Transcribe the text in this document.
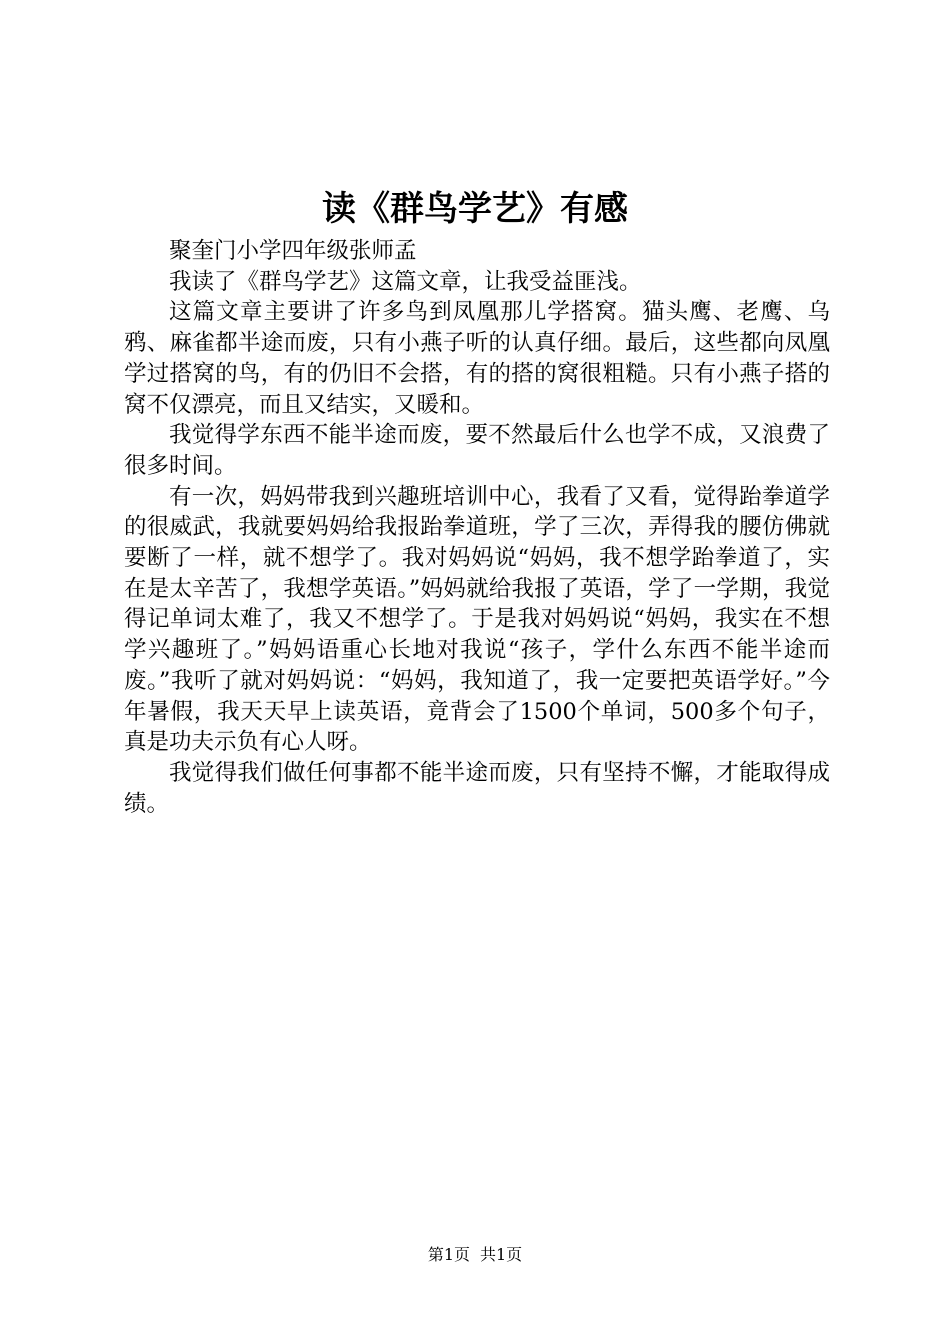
读《群鸟学艺》有感

聚奎门小学四年级张师孟

我读了《群鸟学艺》这篇文章，让我受益匪浅。

这篇文章主要讲了许多鸟到凤凰那儿学搭窝。猫头鹰、老鹰、乌鸦、麻雀都半途而废，只有小燕子听的认真仔细。最后，这些都向凤凰学过搭窝的鸟，有的仍旧不会搭，有的搭的窝很粗糙。只有小燕子搭的窝不仅漂亮，而且又结实，又暖和。

我觉得学东西不能半途而废，要不然最后什么也学不成，又浪费了很多时间。

有一次，妈妈带我到兴趣班培训中心，我看了又看，觉得跆拳道学的很威武，我就要妈妈给我报跆拳道班，学了三次，弄得我的腰仿佛就要断了一样，就不想学了。我对妈妈说“妈妈，我不想学跆拳道了，实在是太辛苦了，我想学英语。”妈妈就给我报了英语，学了一学期，我觉得记单词太难了，我又不想学了。于是我对妈妈说“妈妈，我实在不想学兴趣班了。”妈妈语重心长地对我说“孩子，学什么东西不能半途而废。”我听了就对妈妈说：“妈妈，我知道了，我一定要把英语学好。”今年暑假，我天天早上读英语，竟背会了1500个单词，500多个句子，真是功夫示负有心人呀。

我觉得我们做任何事都不能半途而废，只有坚持不懈，才能取得成绩。

第1页 共1页
